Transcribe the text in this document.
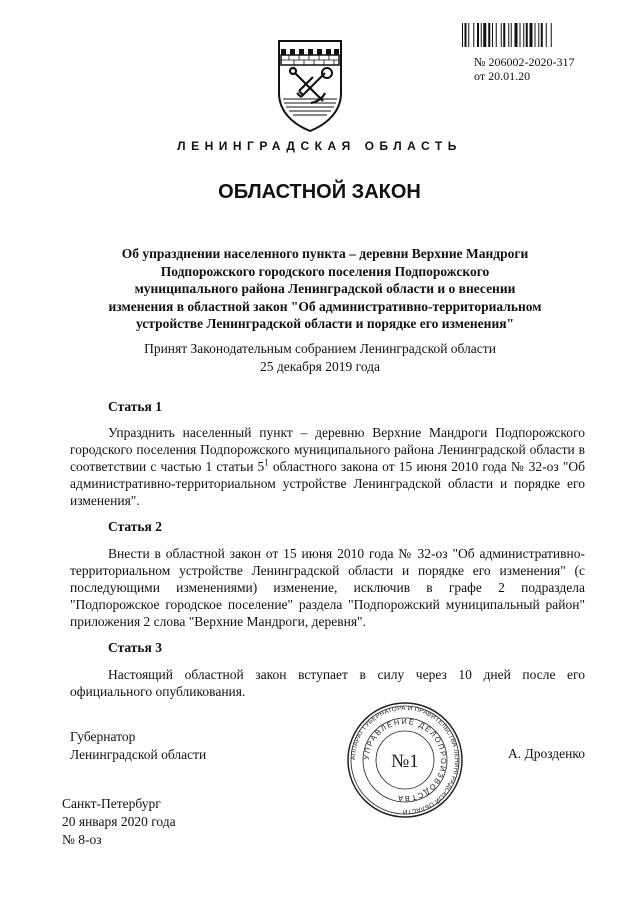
№ 206002-2020-317
от 20.01.20
ЛЕНИНГРАДСКАЯ ОБЛАСТЬ
ОБЛАСТНОЙ ЗАКОН
Об упразднении населенного пункта – деревни Верхние Мандроги
Подпорожского городского поселения Подпорожского
муниципального района Ленинградской области и о внесении
изменения в областной закон "Об административно-территориальном
устройстве Ленинградской области и порядке его изменения"
Принят Законодательным собранием Ленинградской области
25 декабря 2019 года
Статья 1
Упразднить населенный пункт – деревню Верхние Мандроги Подпорожского городского поселения Подпорожского муниципального района Ленинградской области в соответствии с частью 1 статьи $5^1$ областного закона от 15 июня 2010 года № 32-оз "Об административно-территориальном устройстве Ленинградской области и порядке его изменения".
Статья 2
Внести в областной закон от 15 июня 2010 года № 32-оз "Об административно-территориальном устройстве Ленинградской области и порядке его изменения" (с последующими изменениями) изменение, исключив в графе 2 подраздела "Подпорожское городское поселение" раздела "Подпорожский муниципальный район" приложения 2 слова "Верхние Мандроги, деревня".
Статья 3
Настоящий областной закон вступает в силу через 10 дней после его официального опубликования.
Губернатор
Ленинградской области	А. Дрозденко
АППАРАТ ГУБЕРНАТОРА И ПРАВИТЕЛЬСТВА ЛЕНИНГРАДСКОЙ ОБЛАСТИ
УПРАВЛЕНИЕ ДЕЛОПРОИЗВОДСТВА
№1
Санкт-Петербург
20 января 2020 года
№ 8-оз
